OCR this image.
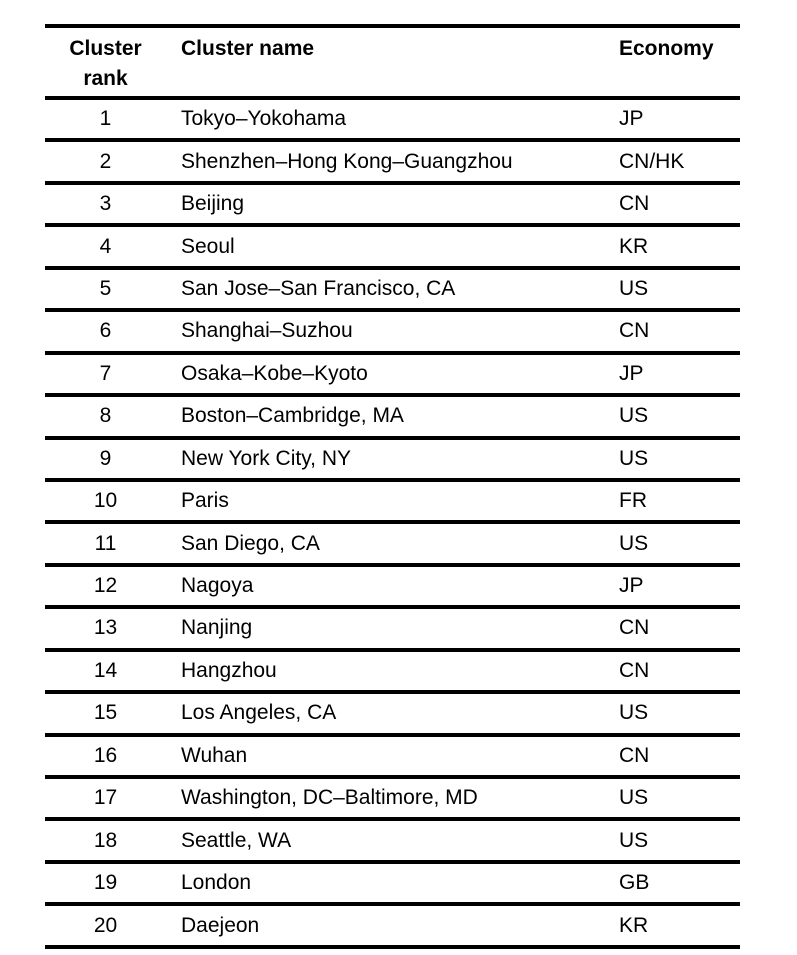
Cluster
rank	Cluster name	Economy
1	Tokyo–Yokohama	JP
2	Shenzhen–Hong Kong–Guangzhou	CN/HK
3	Beijing	CN
4	Seoul	KR
5	San Jose–San Francisco, CA	US
6	Shanghai–Suzhou	CN
7	Osaka–Kobe–Kyoto	JP
8	Boston–Cambridge, MA	US
9	New York City, NY	US
10	Paris	FR
11	San Diego, CA	US
12	Nagoya	JP
13	Nanjing	CN
14	Hangzhou	CN
15	Los Angeles, CA	US
16	Wuhan	CN
17	Washington, DC–Baltimore, MD	US
18	Seattle, WA	US
19	London	GB
20	Daejeon	KR
